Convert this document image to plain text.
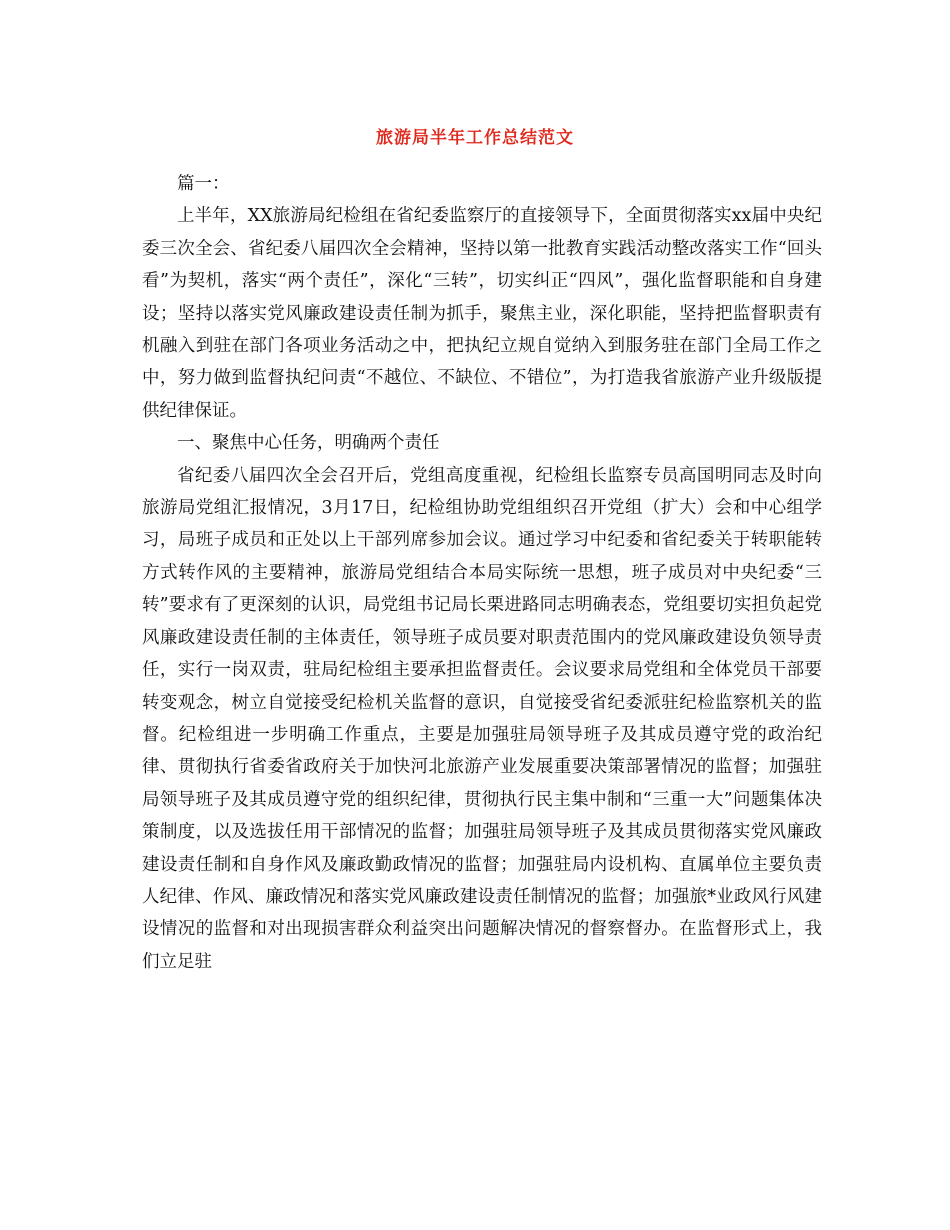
旅游局半年工作总结范文

篇一：

上半年，XX旅游局纪检组在省纪委监察厅的直接领导下，全面贯彻落实xx届中央纪委三次全会、省纪委八届四次全会精神，坚持以第一批教育实践活动整改落实工作“回头看”为契机，落实“两个责任”，深化“三转”，切实纠正“四风”，强化监督职能和自身建设；坚持以落实党风廉政建设责任制为抓手，聚焦主业，深化职能，坚持把监督职责有机融入到驻在部门各项业务活动之中，把执纪立规自觉纳入到服务驻在部门全局工作之中，努力做到监督执纪问责“不越位、不缺位、不错位”，为打造我省旅游产业升级版提供纪律保证。

一、聚焦中心任务，明确两个责任

省纪委八届四次全会召开后，党组高度重视，纪检组长监察专员高国明同志及时向旅游局党组汇报情况，3月17日，纪检组协助党组组织召开党组（扩大）会和中心组学习，局班子成员和正处以上干部列席参加会议。通过学习中纪委和省纪委关于转职能转方式转作风的主要精神，旅游局党组结合本局实际统一思想，班子成员对中央纪委“三转”要求有了更深刻的认识，局党组书记局长栗进路同志明确表态，党组要切实担负起党风廉政建设责任制的主体责任，领导班子成员要对职责范围内的党风廉政建设负领导责任，实行一岗双责，驻局纪检组主要承担监督责任。会议要求局党组和全体党员干部要转变观念，树立自觉接受纪检机关监督的意识，自觉接受省纪委派驻纪检监察机关的监督。纪检组进一步明确工作重点，主要是加强驻局领导班子及其成员遵守党的政治纪律、贯彻执行省委省政府关于加快河北旅游产业发展重要决策部署情况的监督；加强驻局领导班子及其成员遵守党的组织纪律，贯彻执行民主集中制和“三重一大”问题集体决策制度，以及选拔任用干部情况的监督；加强驻局领导班子及其成员贯彻落实党风廉政建设责任制和自身作风及廉政勤政情况的监督；加强驻局内设机构、直属单位主要负责人纪律、作风、廉政情况和落实党风廉政建设责任制情况的监督；加强旅*业政风行风建设情况的监督和对出现损害群众利益突出问题解决情况的督察督办。在监督形式上，我们立足驻
